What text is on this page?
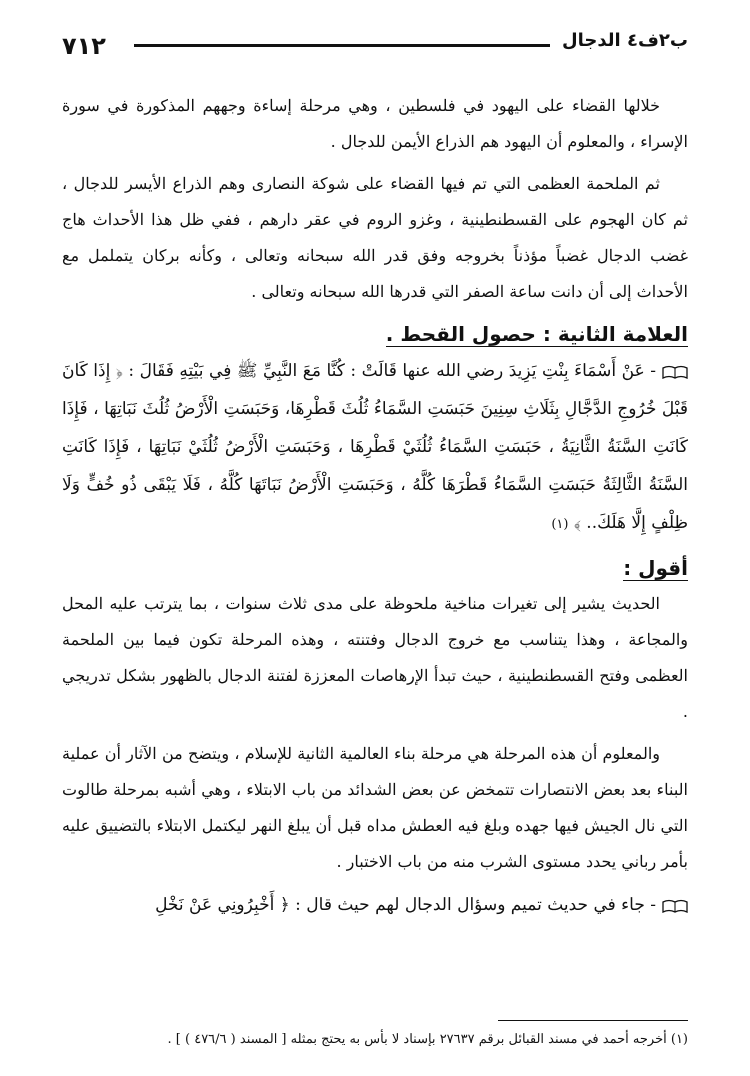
٧١٢	ب٢ف٤ الدجال

خلالها القضاء على اليهود في فلسطين ، وهي مرحلة إساءة وجههم المذكورة في سورة الإسراء ، والمعلوم أن اليهود هم الذراع الأيمن للدجال .

ثم الملحمة العظمى التي تم فيها القضاء على شوكة النصارى وهم الذراع الأيسر للدجال ، ثم كان الهجوم على القسطنطينية ، وغزو الروم في عقر دارهم ، ففي ظل هذا الأحداث هاج غضب الدجال غضباً مؤذناً بخروجه وفق قدر الله سبحانه وتعالى ، وكأنه بركان يتململ مع الأحداث إلى أن دانت ساعة الصفر التي قدرها الله سبحانه وتعالى .

العلامة الثانية : حصول القحط .

- عَنْ أَسْمَاءَ بِنْتِ يَزِيدَ رضي الله عنها قَالَتْ : كُنَّا مَعَ النَّبِيِّ ﷺ فِي بَيْتِهِ فَقَالَ : ﴿ إِذَا كَانَ قَبْلَ خُرُوجِ الدَّجَّالِ بِثَلَاثِ سِنِينَ حَبَسَتِ السَّمَاءُ ثُلُثَ قَطْرِهَا، وَحَبَسَتِ الْأَرْضُ ثُلُثَ نَبَاتِهَا ، فَإِذَا كَانَتِ السَّنَةُ الثَّانِيَةُ ، حَبَسَتِ السَّمَاءُ ثُلُثَيْ قَطْرِهَا ، وَحَبَسَتِ الْأَرْضُ ثُلُثَيْ نَبَاتِهَا ، فَإِذَا كَانَتِ السَّنَةُ الثَّالِثَةُ حَبَسَتِ السَّمَاءُ قَطْرَهَا كُلَّهُ ، وَحَبَسَتِ الْأَرْضُ نَبَاتَهَا كُلَّهُ ، فَلَا يَبْقَى ذُو خُفٍّ وَلَا ظِلْفٍ إِلَّا هَلَكَ.. ﴾ (١)

أقول :

الحديث يشير إلى تغيرات مناخية ملحوظة على مدى ثلاث سنوات ، بما يترتب عليه المحل والمجاعة ، وهذا يتناسب مع خروج الدجال وفتنته ، وهذه المرحلة تكون فيما بين الملحمة العظمى وفتح القسطنطينية ، حيث تبدأ الإرهاصات المعززة لفتنة الدجال بالظهور بشكل تدريجي .

والمعلوم أن هذه المرحلة هي مرحلة بناء العالمية الثانية للإسلام ، ويتضح من الآثار أن عملية البناء بعد بعض الانتصارات تتمخض عن بعض الشدائد من باب الابتلاء ، وهي أشبه بمرحلة طالوت التي نال الجيش فيها جهده وبلغ فيه العطش مداه قبل أن يبلغ النهر ليكتمل الابتلاء بالتضييق عليه بأمر رباني يحدد مستوى الشرب منه من باب الاختبار .

- جاء في حديث تميم وسؤال الدجال لهم حيث قال : ﴿ أَخْبِرُونِي عَنْ نَخْلِ

(١) أخرجه أحمد في مسند القبائل برقم ٢٧٦٣٧ بإسناد لا بأس به يحتج بمثله [ المسند ( ٤٧٦/٦ ) ] .
